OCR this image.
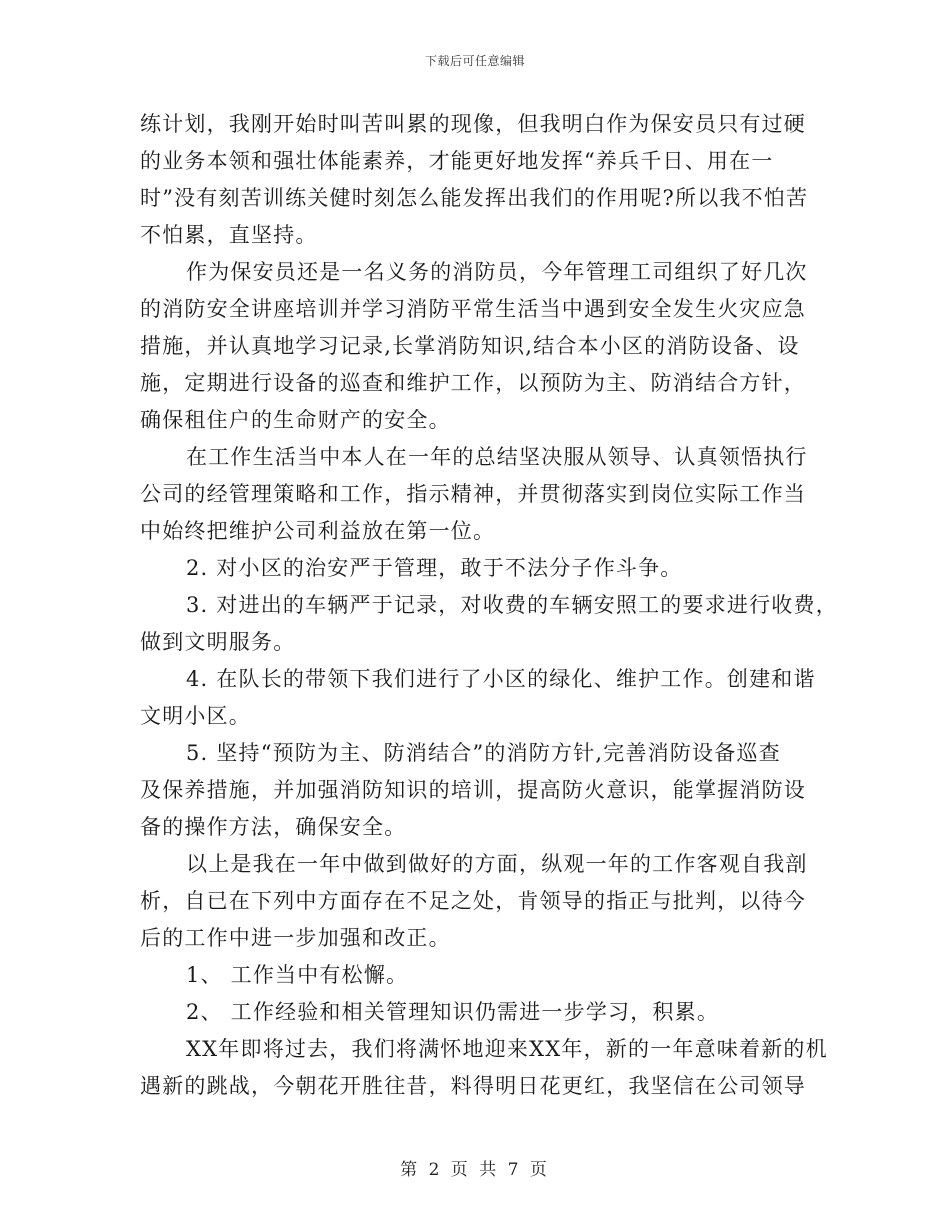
下载后可任意编辑
练计划，我刚开始时叫苦叫累的现像，但我明白作为保安员只有过硬
的业务本领和强壮体能素养，才能更好地发挥“养兵千日、用在一
时”没有刻苦训练关健时刻怎么能发挥出我们的作用呢?所以我不怕苦
不怕累，直坚持。
作为保安员还是一名义务的消防员，今年管理工司组织了好几次
的消防安全讲座培训并学习消防平常生活当中遇到安全发生火灾应急
措施，并认真地学习记录,长掌消防知识,结合本小区的消防设备、设
施，定期进行设备的巡查和维护工作，以预防为主、防消结合方针，
确保租住户的生命财产的安全。
在工作生活当中本人在一年的总结坚决服从领导、认真领悟执行
公司的经管理策略和工作，指示精神，并贯彻落实到岗位实际工作当
中始终把维护公司利益放在第一位。
2. 对小区的治安严于管理，敢于不法分子作斗争。
3. 对进出的车辆严于记录，对收费的车辆安照工的要求进行收费，
做到文明服务。
4. 在队长的带领下我们进行了小区的绿化、维护工作。创建和谐
文明小区。
5. 坚持“预防为主、防消结合”的消防方针,完善消防设备巡查
及保养措施，并加强消防知识的培训，提高防火意识，能掌握消防设
备的操作方法，确保安全。
以上是我在一年中做到做好的方面，纵观一年的工作客观自我剖
析，自已在下列中方面存在不足之处，肯领导的指正与批判，以待今
后的工作中进一步加强和改正。
1、 工作当中有松懈。
2、 工作经验和相关管理知识仍需进一步学习，积累。
XX年即将过去，我们将满怀地迎来XX年，新的一年意味着新的机
遇新的跳战，今朝花开胜往昔，料得明日花更红，我坚信在公司领导
第 2 页 共 7 页
